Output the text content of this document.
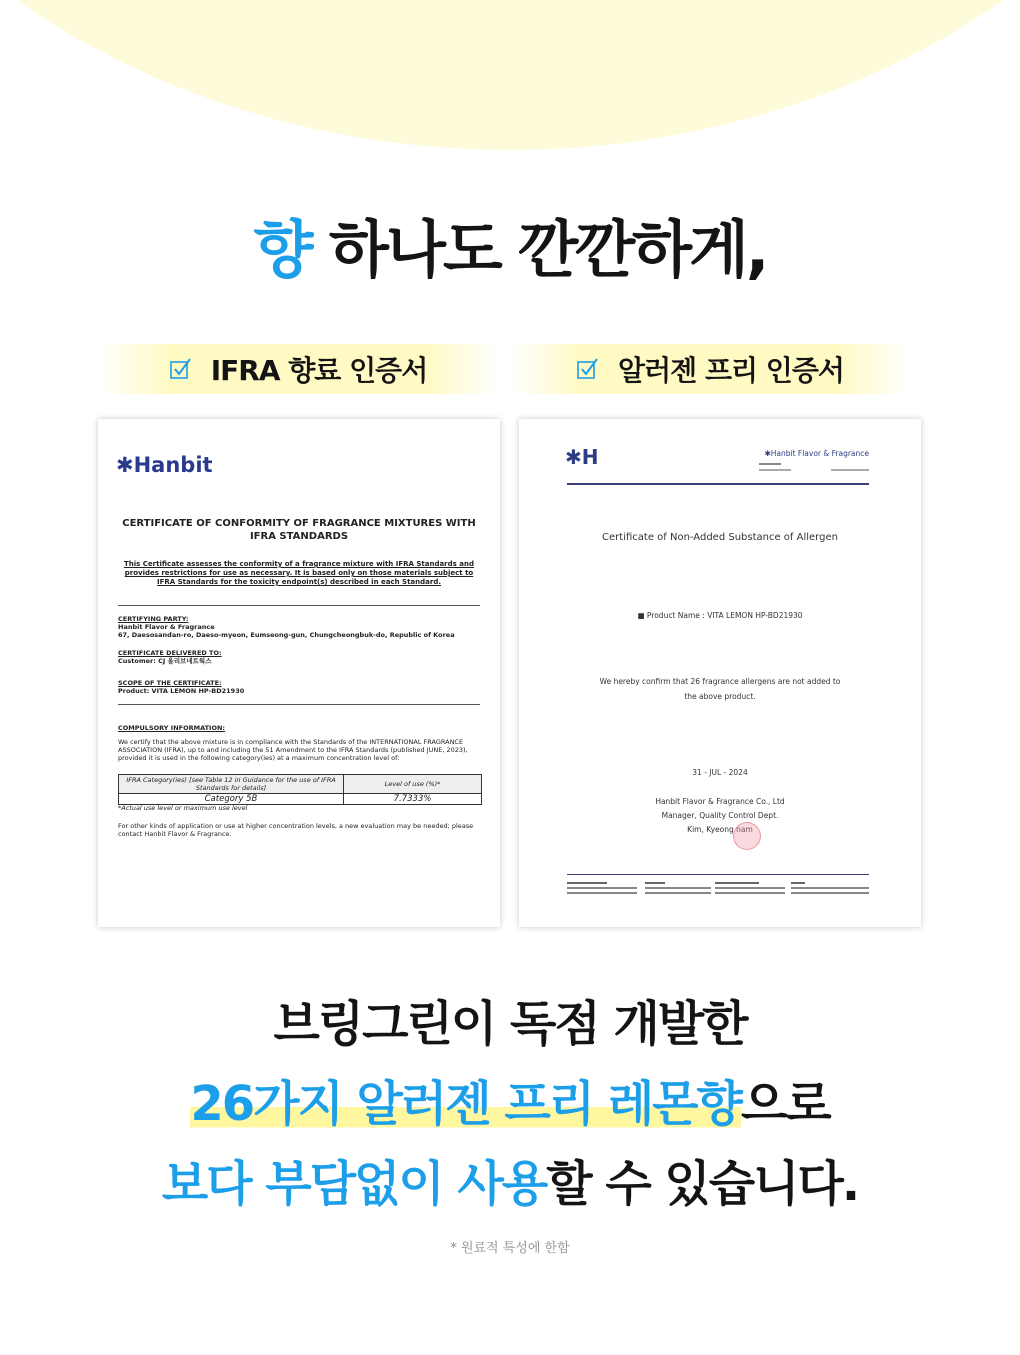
향 하나도 깐깐하게,
IFRA 향료 인증서	알러젠 프리 인증서
✱Hanbit
CERTIFICATE OF CONFORMITY OF FRAGRANCE MIXTURES WITH IFRA STANDARDS
This Certificate assesses the conformity of a fragrance mixture with IFRA Standards and provides restrictions for use as necessary. It is based only on those materials subject to IFRA Standards for the toxicity endpoint(s) described in each Standard.
CERTIFYING PARTY:
Hanbit Flavor & Fragrance
67, Daesosandan-ro, Daeso-myeon, Eumseong-gun, Chungcheongbuk-do, Republic of Korea
CERTIFICATE DELIVERED TO:
Customer: CJ 올리브네트웍스
SCOPE OF THE CERTIFICATE:
Product: VITA LEMON HP-BD21930
COMPULSORY INFORMATION:
We certify that the above mixture is in compliance with the Standards of the INTERNATIONAL FRAGRANCE ASSOCIATION (IFRA), up to and including the 51 Amendment to the IFRA Standards (published JUNE, 2023), provided it is used in the following category(ies) at a maximum concentration level of:
IFRA Category(ies) [see Table 12 in Guidance for the use of IFRA Standards for details]	Level of use (%)*
Category 5B	7.7333%
*Actual use level or maximum use level
For other kinds of application or use at higher concentration levels, a new evaluation may be needed; please contact Hanbit Flavor & Fragrance.
✱H	✱Hanbit Flavor & Fragrance
Certificate of Non-Added Substance of Allergen
■ Product Name : VITA LEMON HP-BD21930
We hereby confirm that 26 fragrance allergens are not added to
the above product.
31 - JUL - 2024
Hanbit Flavor & Fragrance Co., Ltd
Manager, Quality Control Dept.
Kim, Kyeong nam
브링그린이 독점 개발한
26가지 알러젠 프리 레몬향으로
보다 부담없이 사용할 수 있습니다.
* 원료적 특성에 한함
